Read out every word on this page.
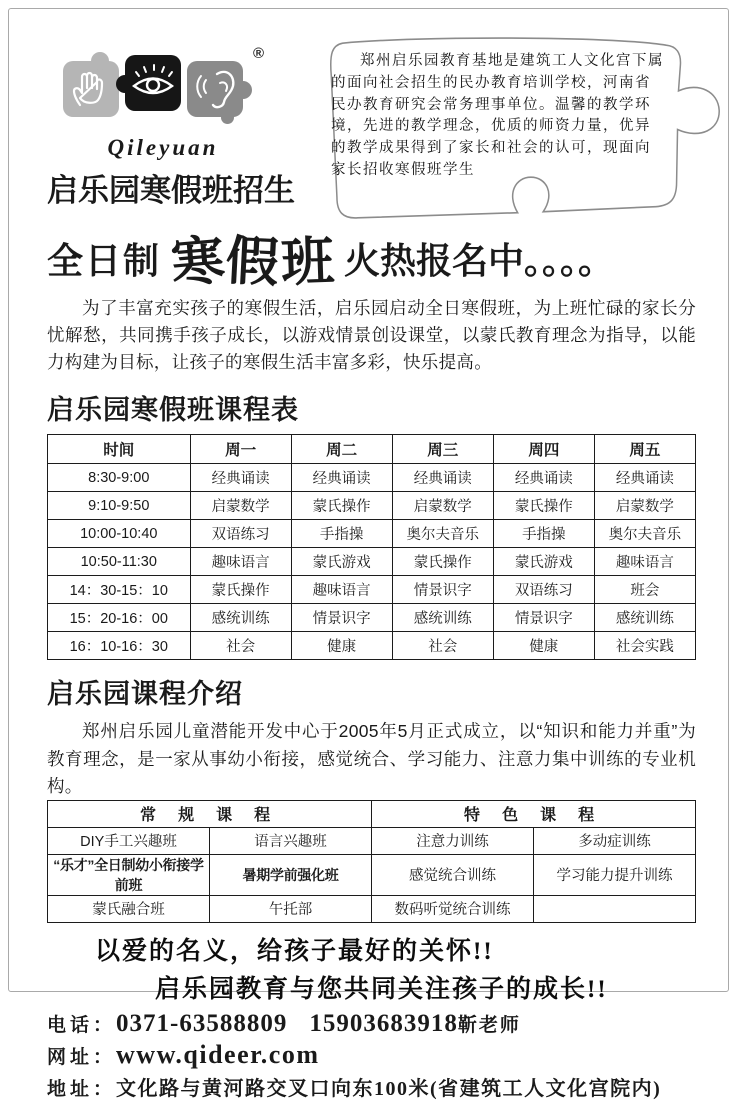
®
Qileyuan
启乐园寒假班招生
郑州启乐园教育基地是建筑工人文化宫下属的面向社会招生的民办教育培训学校，河南省民办教育研究会常务理事单位。温馨的教学环境，先进的教学理念，优质的师资力量，优异的教学成果得到了家长和社会的认可，现面向家长招收寒假班学生
全日制 寒假班 火热报名中。。。。

为了丰富充实孩子的寒假生活，启乐园启动全日寒假班，为上班忙碌的家长分忧解愁，共同携手孩子成长，以游戏情景创设课堂，以蒙氏教育理念为指导，以能力构建为目标，让孩子的寒假生活丰富多彩，快乐提高。

启乐园寒假班课程表
时间	周一	周二	周三	周四	周五
8:30-9:00	经典诵读	经典诵读	经典诵读	经典诵读	经典诵读
9:10-9:50	启蒙数学	蒙氏操作	启蒙数学	蒙氏操作	启蒙数学
10:00-10:40	双语练习	手指操	奥尔夫音乐	手指操	奥尔夫音乐
10:50-11:30	趣味语言	蒙氏游戏	蒙氏操作	蒙氏游戏	趣味语言
14：30-15：10	蒙氏操作	趣味语言	情景识字	双语练习	班会
15：20-16：00	感统训练	情景识字	感统训练	情景识字	感统训练
16：10-16：30	社会	健康	社会	健康	社会实践
启乐园课程介绍

郑州启乐园儿童潜能开发中心于2005年5月正式成立，以“知识和能力并重”为教育理念，是一家从事幼小衔接，感觉统合、学习能力、注意力集中训练的专业机构。

常 规 课 程		特 色 课 程	
DIY手工兴趣班	语言兴趣班	注意力训练	多动症训练
“乐才”全日制幼小衔接学前班	暑期学前强化班	感觉统合训练	学习能力提升训练
蒙氏融合班	午托部	数码听觉统合训练	

以爱的名义，给孩子最好的关怀!!

启乐园教育与您共同关注孩子的成长!!

电话： 0371-63588809 15903683918 靳老师

网址： www.qideer.com

地址： 文化路与黄河路交叉口向东100米(省建筑工人文化宫院内)
